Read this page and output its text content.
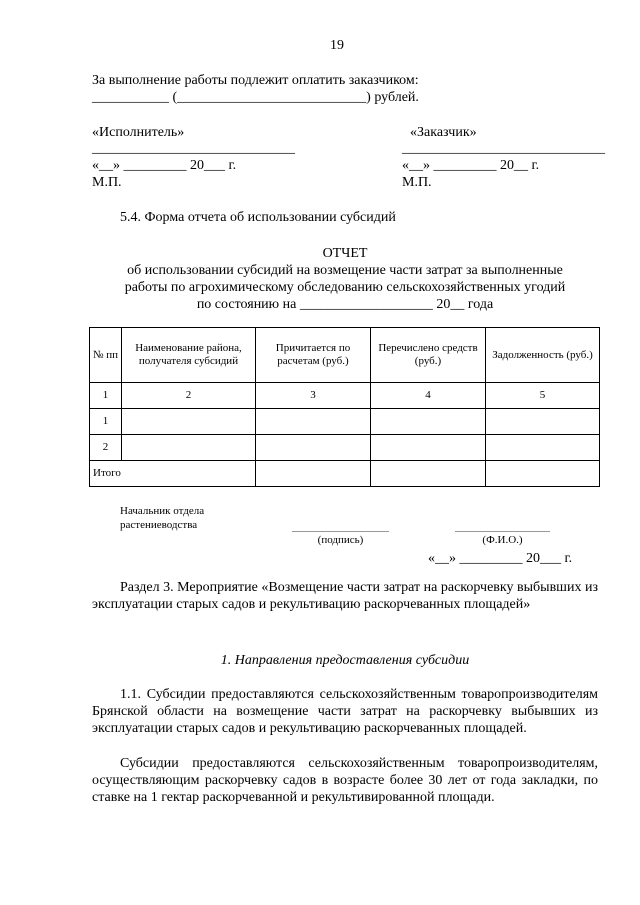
19
За выполнение работы подлежит оплатить заказчиком:
___________ (___________________________) рублей.
«Исполнитель»	«Заказчик»
_____________________________	_____________________________
«__» _________ 20___ г.	«__» _________ 20__ г.
М.П.	М.П.
5.4. Форма отчета об использовании субсидий
ОТЧЕТ
об использовании субсидий на возмещение части затрат за выполненные
работы по агрохимическому обследованию сельскохозяйственных угодий
по состоянию на ___________________ 20__ года
№ пп	Наименование района, получателя субсидий	Причитается по расчетам (руб.)	Перечислено средств (руб.)	Задолженность (руб.)
1	2	3	4	5
1				
2				
Итого				
Начальник отдела
растениеводства
(подпись)	(Ф.И.О.)
«__» _________ 20___ г.
Раздел 3. Мероприятие «Возмещение части затрат на раскорчевку выбывших из эксплуатации старых садов и рекультивацию раскорчеванных площадей»
1. Направления предоставления субсидии
1.1. Субсидии предоставляются сельскохозяйственным товаропроизводителям Брянской области на возмещение части затрат на раскорчевку выбывших из эксплуатации старых садов и рекультивацию раскорчеванных площадей.
Субсидии предоставляются сельскохозяйственным товаропроизводителям, осуществляющим раскорчевку садов в возрасте более 30 лет от года закладки, по ставке на 1 гектар раскорчеванной и рекультивированной площади.
